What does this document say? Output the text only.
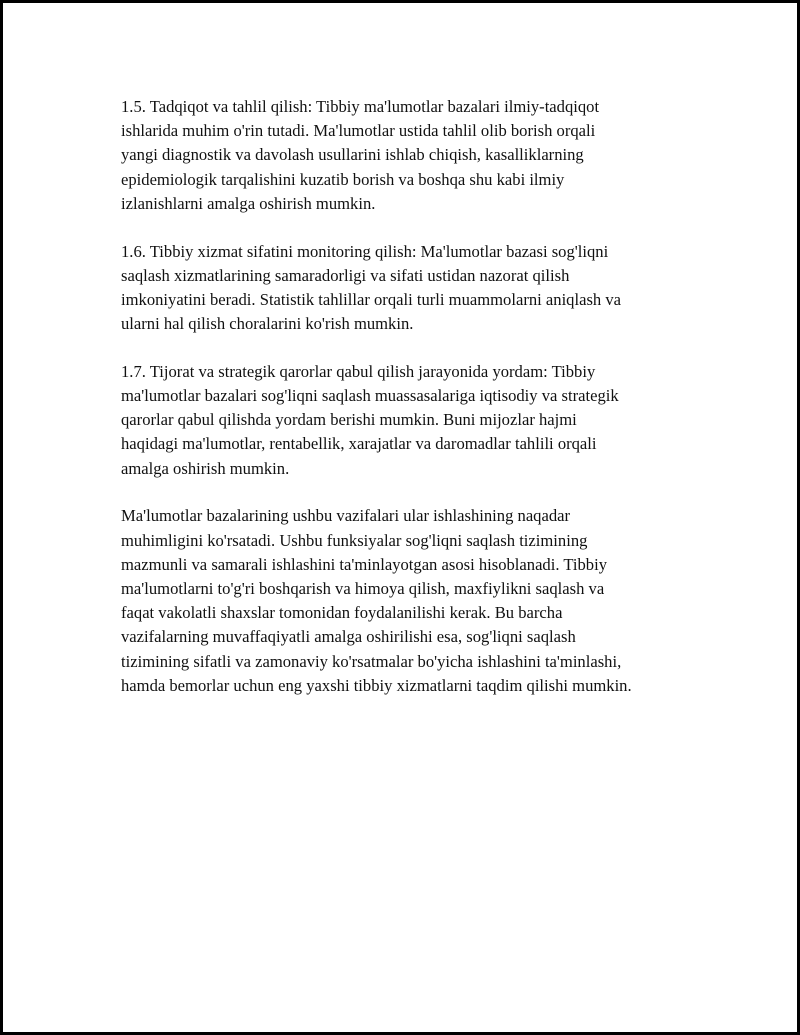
1.5. Tadqiqot va tahlil qilish: Tibbiy ma'lumotlar bazalari ilmiy-tadqiqot
ishlarida muhim o'rin tutadi. Ma'lumotlar ustida tahlil olib borish orqali
yangi diagnostik va davolash usullarini ishlab chiqish, kasalliklarning
epidemiologik tarqalishini kuzatib borish va boshqa shu kabi ilmiy
izlanishlarni amalga oshirish mumkin.

1.6. Tibbiy xizmat sifatini monitoring qilish: Ma'lumotlar bazasi sog'liqni
saqlash xizmatlarining samaradorligi va sifati ustidan nazorat qilish
imkoniyatini beradi. Statistik tahlillar orqali turli muammolarni aniqlash va
ularni hal qilish choralarini ko'rish mumkin.

1.7. Tijorat va strategik qarorlar qabul qilish jarayonida yordam: Tibbiy
ma'lumotlar bazalari sog'liqni saqlash muassasalariga iqtisodiy va strategik
qarorlar qabul qilishda yordam berishi mumkin. Buni mijozlar hajmi
haqidagi ma'lumotlar, rentabellik, xarajatlar va daromadlar tahlili orqali
amalga oshirish mumkin.

Ma'lumotlar bazalarining ushbu vazifalari ular ishlashining naqadar
muhimligini ko'rsatadi. Ushbu funksiyalar sog'liqni saqlash tizimining
mazmunli va samarali ishlashini ta'minlayotgan asosi hisoblanadi. Tibbiy
ma'lumotlarni to'g'ri boshqarish va himoya qilish, maxfiylikni saqlash va
faqat vakolatli shaxslar tomonidan foydalanilishi kerak. Bu barcha
vazifalarning muvaffaqiyatli amalga oshirilishi esa, sog'liqni saqlash
tizimining sifatli va zamonaviy ko'rsatmalar bo'yicha ishlashini ta'minlashi,
hamda bemorlar uchun eng yaxshi tibbiy xizmatlarni taqdim qilishi mumkin.
